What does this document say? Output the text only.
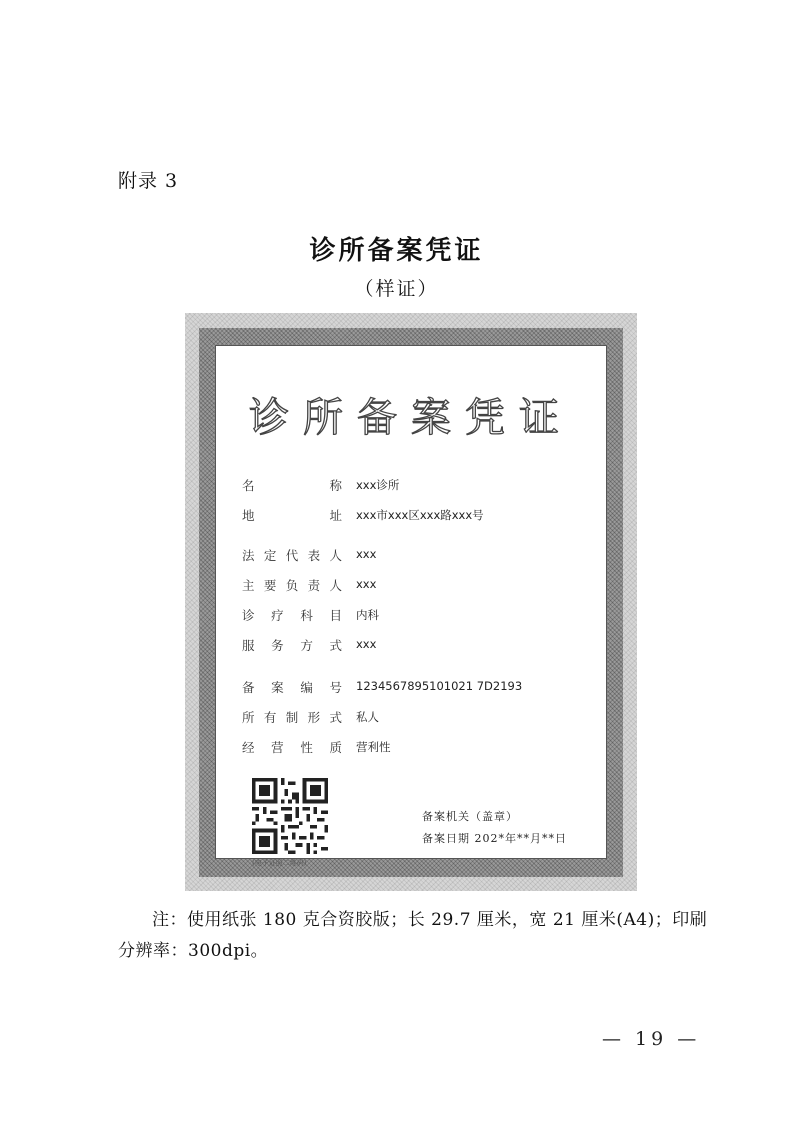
附录 3
诊所备案凭证
（样证）
诊所备案凭证
名称 xxx诊所
地址 xxx市xxx区xxx路xxx号
法定代表人 xxx
主要负责人 xxx
诊疗科目 内科
服务方式 xxx
备案编号 1234567895101021 7D2193
所有制形式 私人
经营性质 营利性
(电子证照二维码)
备案机关（盖章）
备案日期 202*年**月**日
注：使用纸张 180 克合资胶版；长 29.7 厘米，宽 21 厘米(A4)；印刷分辨率：300dpi。
— 19 —
